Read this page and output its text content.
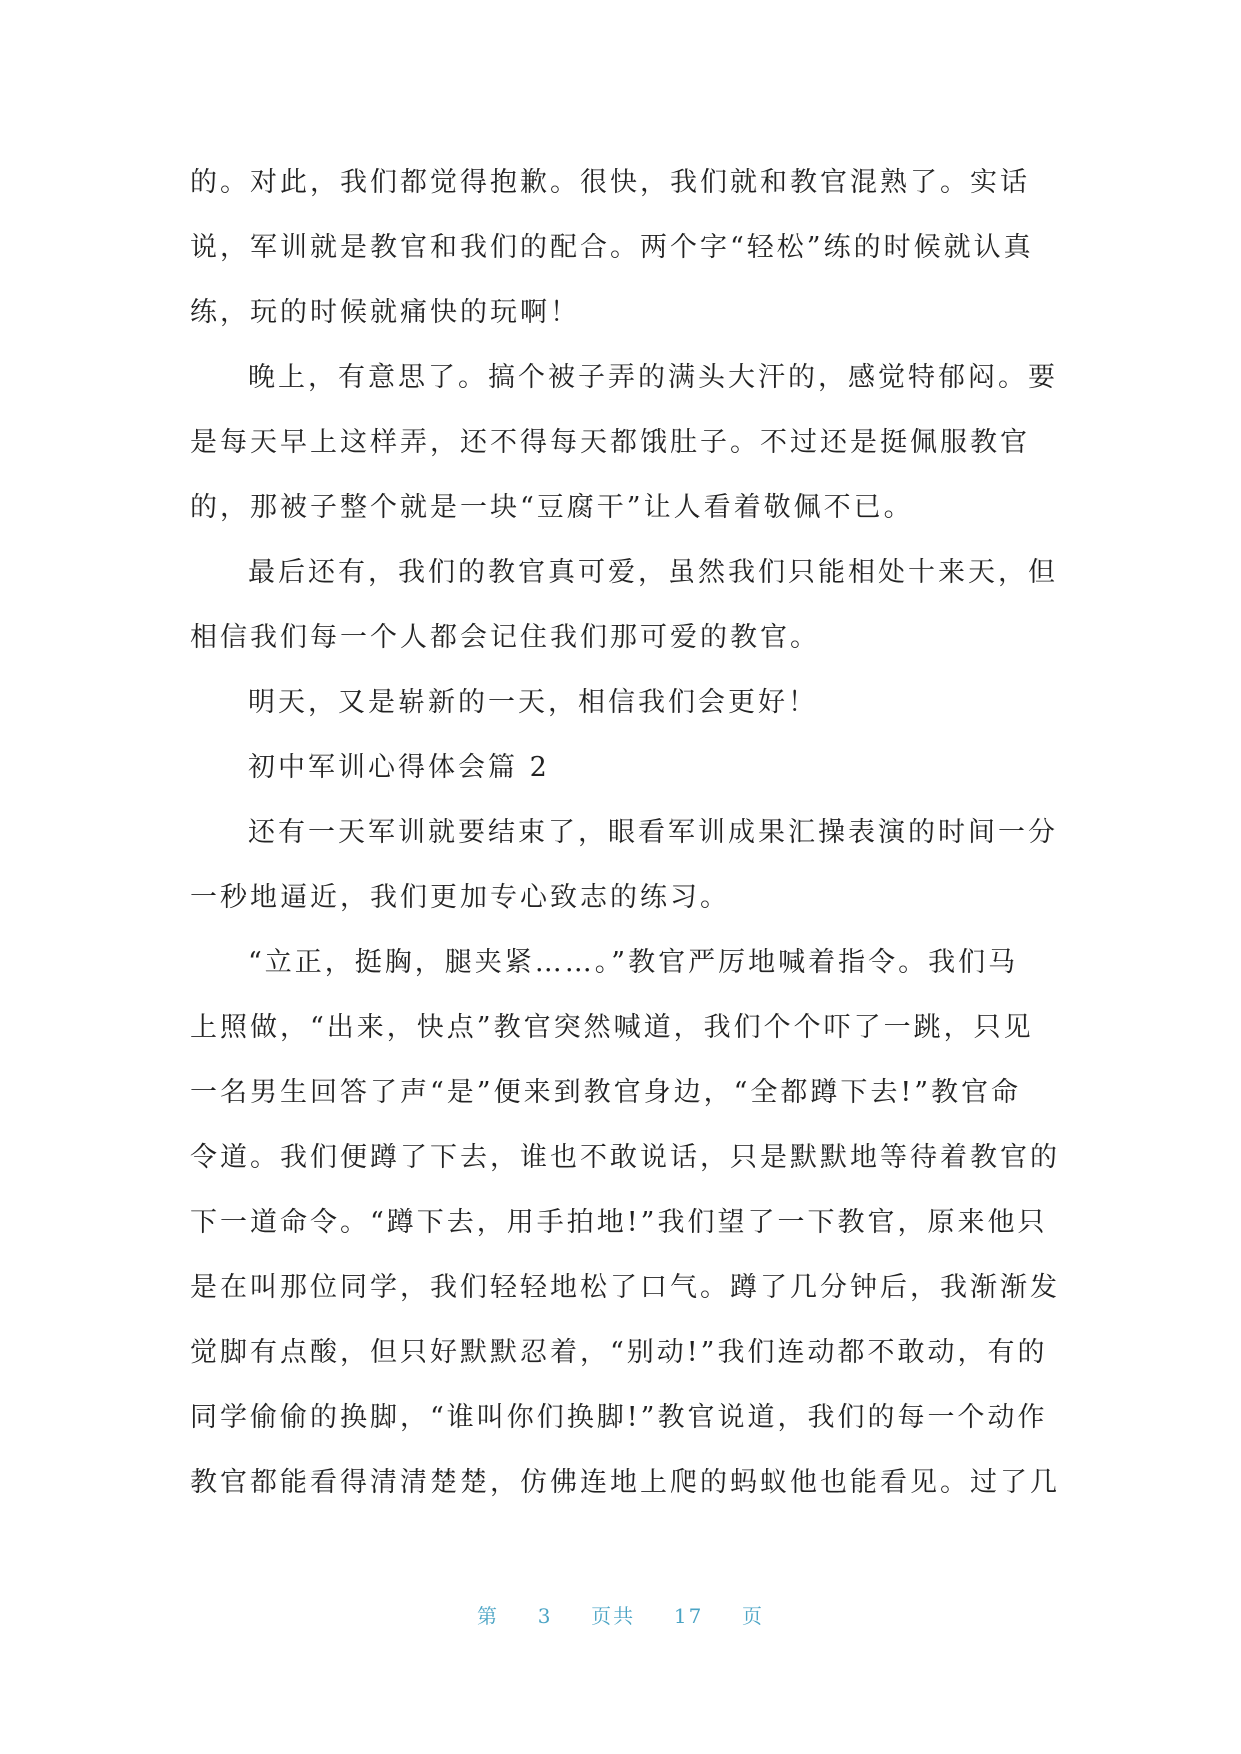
的。对此，我们都觉得抱歉。很快，我们就和教官混熟了。实话
说，军训就是教官和我们的配合。两个字“轻松”练的时候就认真
练，玩的时候就痛快的玩啊！
晚上，有意思了。搞个被子弄的满头大汗的，感觉特郁闷。要
是每天早上这样弄，还不得每天都饿肚子。不过还是挺佩服教官
的，那被子整个就是一块“豆腐干”让人看着敬佩不已。
最后还有，我们的教官真可爱，虽然我们只能相处十来天，但
相信我们每一个人都会记住我们那可爱的教官。
明天，又是崭新的一天，相信我们会更好！
初中军训心得体会篇 2
还有一天军训就要结束了，眼看军训成果汇操表演的时间一分
一秒地逼近，我们更加专心致志的练习。
“立正，挺胸，腿夹紧……。”教官严厉地喊着指令。我们马
上照做，“出来，快点”教官突然喊道，我们个个吓了一跳，只见
一名男生回答了声“是”便来到教官身边，“全都蹲下去!”教官命
令道。我们便蹲了下去，谁也不敢说话，只是默默地等待着教官的
下一道命令。“蹲下去，用手拍地!”我们望了一下教官，原来他只
是在叫那位同学，我们轻轻地松了口气。蹲了几分钟后，我渐渐发
觉脚有点酸，但只好默默忍着，“别动!”我们连动都不敢动，有的
同学偷偷的换脚，“谁叫你们换脚!”教官说道，我们的每一个动作
教官都能看得清清楚楚，仿佛连地上爬的蚂蚁他也能看见。过了几
第 3 页共 17 页
